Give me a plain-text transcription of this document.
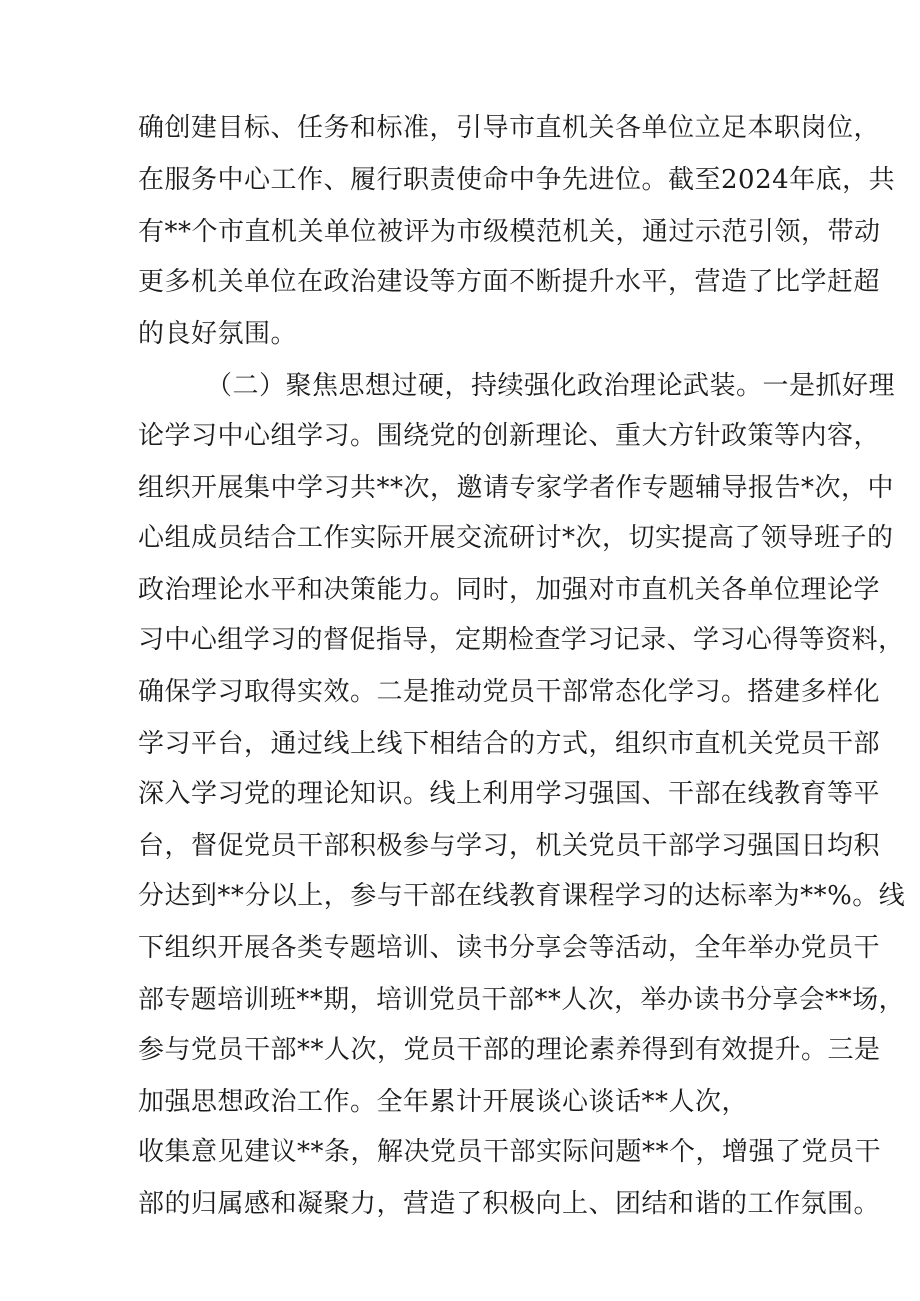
确创建目标、任务和标准，引导市直机关各单位立足本职岗位，
在服务中心工作、履行职责使命中争先进位。截至2024年底，共
有**个市直机关单位被评为市级模范机关，通过示范引领，带动
更多机关单位在政治建设等方面不断提升水平，营造了比学赶超
的良好氛围。
（二）聚焦思想过硬，持续强化政治理论武装。一是抓好理
论学习中心组学习。围绕党的创新理论、重大方针政策等内容，
组织开展集中学习共**次，邀请专家学者作专题辅导报告*次，中
心组成员结合工作实际开展交流研讨*次，切实提高了领导班子的
政治理论水平和决策能力。同时，加强对市直机关各单位理论学
习中心组学习的督促指导，定期检查学习记录、学习心得等资料，
确保学习取得实效。二是推动党员干部常态化学习。搭建多样化
学习平台，通过线上线下相结合的方式，组织市直机关党员干部
深入学习党的理论知识。线上利用学习强国、干部在线教育等平
台，督促党员干部积极参与学习，机关党员干部学习强国日均积
分达到**分以上，参与干部在线教育课程学习的达标率为**%。线
下组织开展各类专题培训、读书分享会等活动，全年举办党员干
部专题培训班**期，培训党员干部**人次，举办读书分享会**场，
参与党员干部**人次，党员干部的理论素养得到有效提升。三是
加强思想政治工作。全年累计开展谈心谈话**人次，
收集意见建议**条，解决党员干部实际问题**个，增强了党员干
部的归属感和凝聚力，营造了积极向上、团结和谐的工作氛围。
